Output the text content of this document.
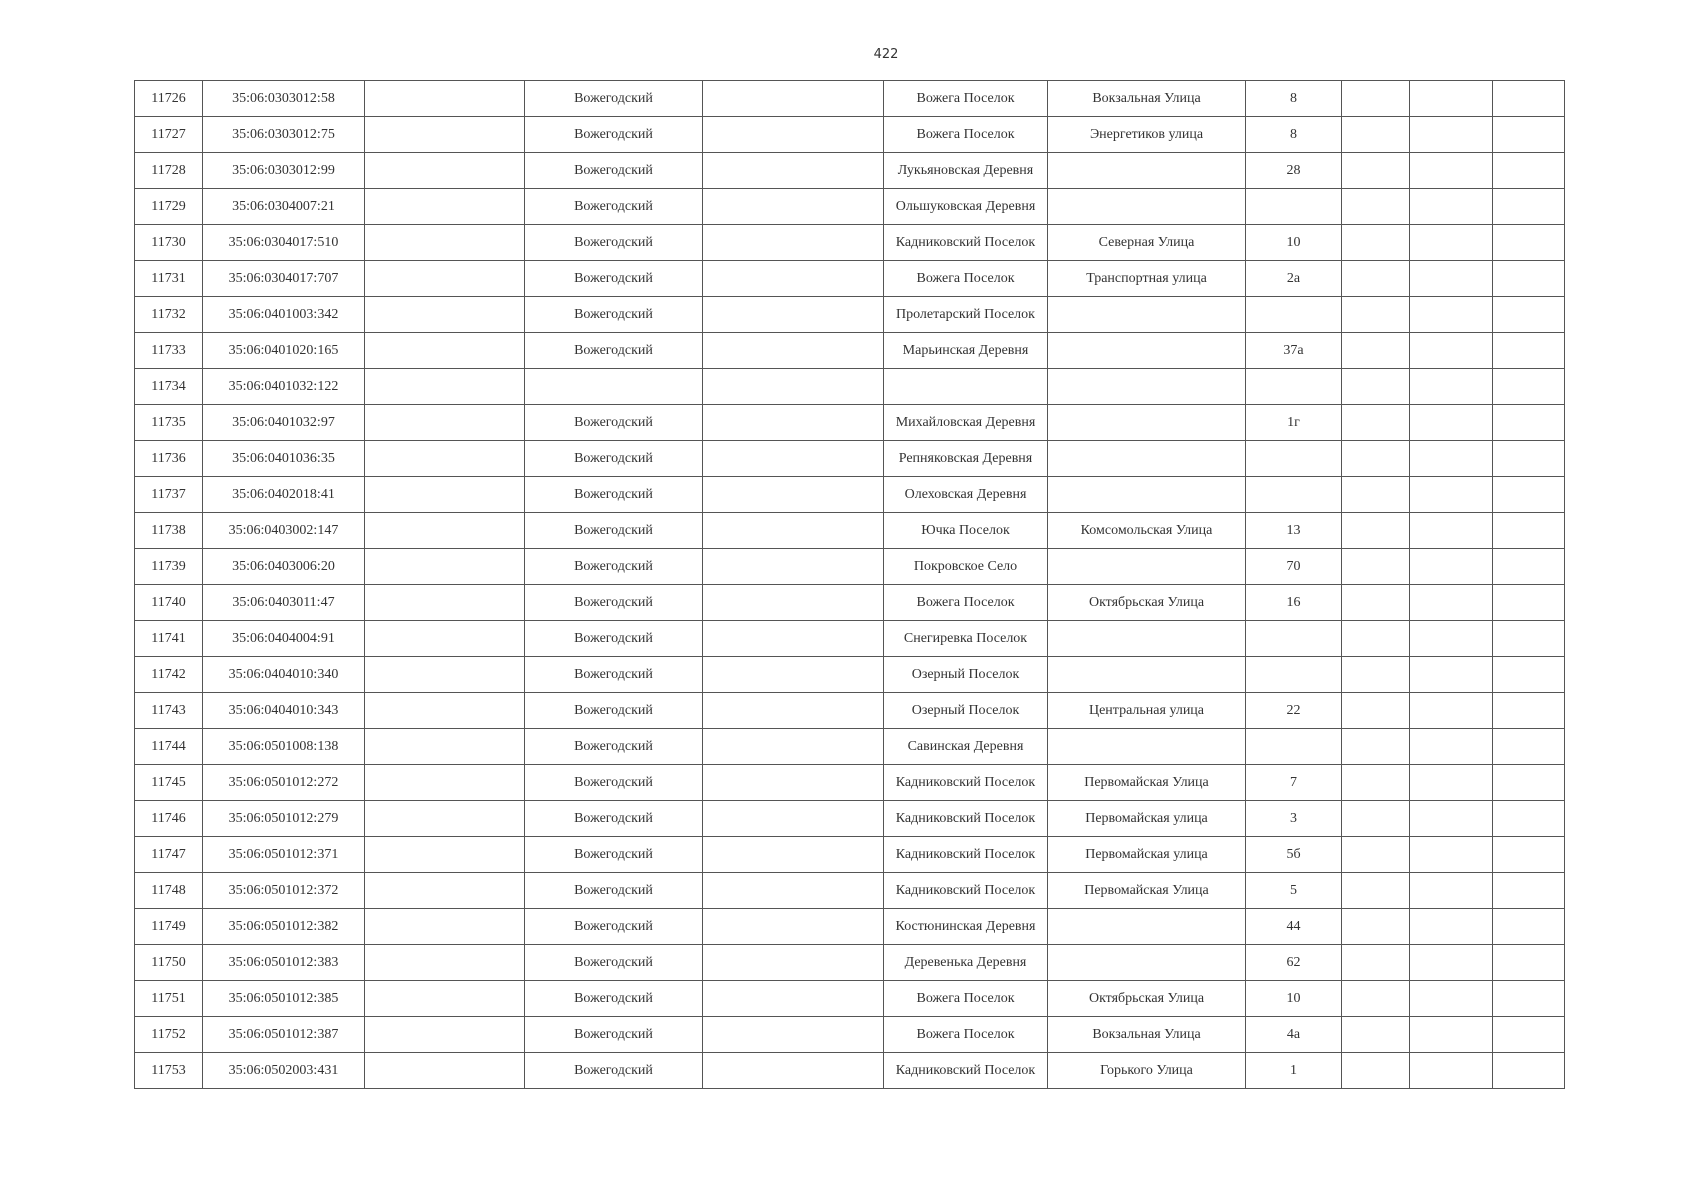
422
11726	35:06:0303012:58		Вожегодский		Вожега Поселок	Вокзальная Улица	8			
11727	35:06:0303012:75		Вожегодский		Вожега Поселок	Энергетиков улица	8			
11728	35:06:0303012:99		Вожегодский		Лукьяновская Деревня		28			
11729	35:06:0304007:21		Вожегодский		Ольшуковская Деревня					
11730	35:06:0304017:510		Вожегодский		Кадниковский Поселок	Северная Улица	10			
11731	35:06:0304017:707		Вожегодский		Вожега Поселок	Транспортная улица	2а			
11732	35:06:0401003:342		Вожегодский		Пролетарский Поселок					
11733	35:06:0401020:165		Вожегодский		Марьинская Деревня		37а			
11734	35:06:0401032:122									
11735	35:06:0401032:97		Вожегодский		Михайловская Деревня		1г			
11736	35:06:0401036:35		Вожегодский		Репняковская Деревня					
11737	35:06:0402018:41		Вожегодский		Олеховская Деревня					
11738	35:06:0403002:147		Вожегодский		Ючка Поселок	Комсомольская Улица	13			
11739	35:06:0403006:20		Вожегодский		Покровское Село		70			
11740	35:06:0403011:47		Вожегодский		Вожега Поселок	Октябрьская Улица	16			
11741	35:06:0404004:91		Вожегодский		Снегиревка Поселок					
11742	35:06:0404010:340		Вожегодский		Озерный Поселок					
11743	35:06:0404010:343		Вожегодский		Озерный Поселок	Центральная улица	22			
11744	35:06:0501008:138		Вожегодский		Савинская Деревня					
11745	35:06:0501012:272		Вожегодский		Кадниковский Поселок	Первомайская Улица	7			
11746	35:06:0501012:279		Вожегодский		Кадниковский Поселок	Первомайская улица	3			
11747	35:06:0501012:371		Вожегодский		Кадниковский Поселок	Первомайская улица	5б			
11748	35:06:0501012:372		Вожегодский		Кадниковский Поселок	Первомайская Улица	5			
11749	35:06:0501012:382		Вожегодский		Костюнинская Деревня		44			
11750	35:06:0501012:383		Вожегодский		Деревенька Деревня		62			
11751	35:06:0501012:385		Вожегодский		Вожега Поселок	Октябрьская Улица	10			
11752	35:06:0501012:387		Вожегодский		Вожега Поселок	Вокзальная Улица	4а			
11753	35:06:0502003:431		Вожегодский		Кадниковский Поселок	Горького Улица	1			
